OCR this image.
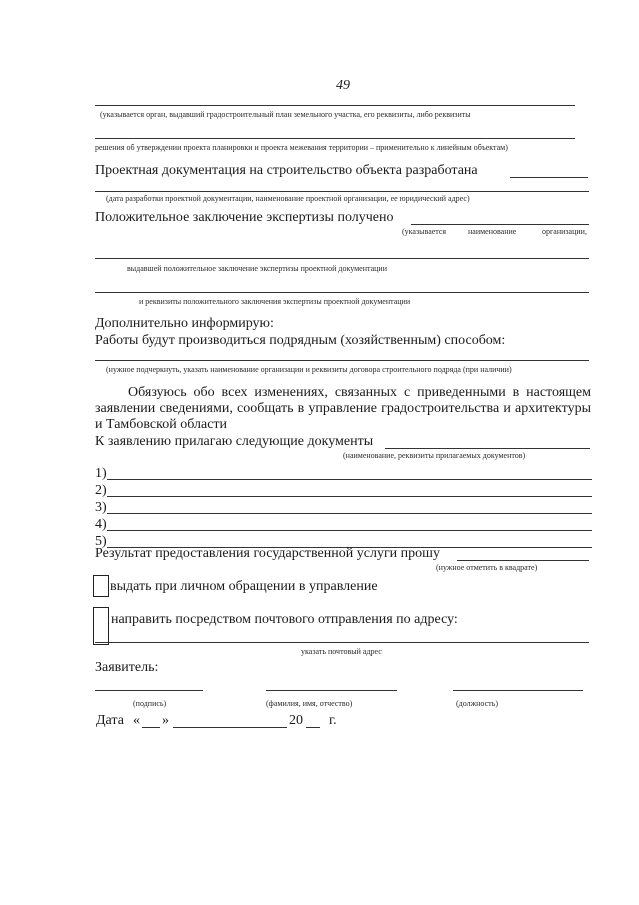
49
(указывается орган, выдавший градостроительный план земельного участка, его реквизиты, либо реквизиты
решения об утверждении проекта планировки и проекта межевания территории – применительно к линейным объектам)
Проектная документация на строительство объекта разработана
(дата разработки проектной документации, наименование проектной организации, ее юридический адрес)
Положительное заключение экспертизы получено
(указывается	наименование	организации,
выдавшей положительное заключение экспертизы проектной документации
и реквизиты положительного заключения экспертизы проектной документации
Дополнительно информирую:
Работы будут производиться подрядным (хозяйственным) способом:
(нужное подчеркнуть, указать наименование организации и реквизиты договора строительного подряда (при наличии)
Обязуюсь обо всех изменениях, связанных с приведенными в настоящем заявлении сведениями, сообщать в управление градостроительства и архитектуры и Тамбовской области
К заявлению прилагаю следующие документы
(наименование, реквизиты прилагаемых документов)
1)
2)
3)
4)
5)
Результат предоставления государственной услуги прошу
(нужное отметить в квадрате)
выдать при личном обращении в управление
направить посредством почтового отправления по адресу:
указать почтовый адрес
Заявитель:
(подпись)	(фамилия, имя, отчество)	(должность)
Дата « »	20 г.
